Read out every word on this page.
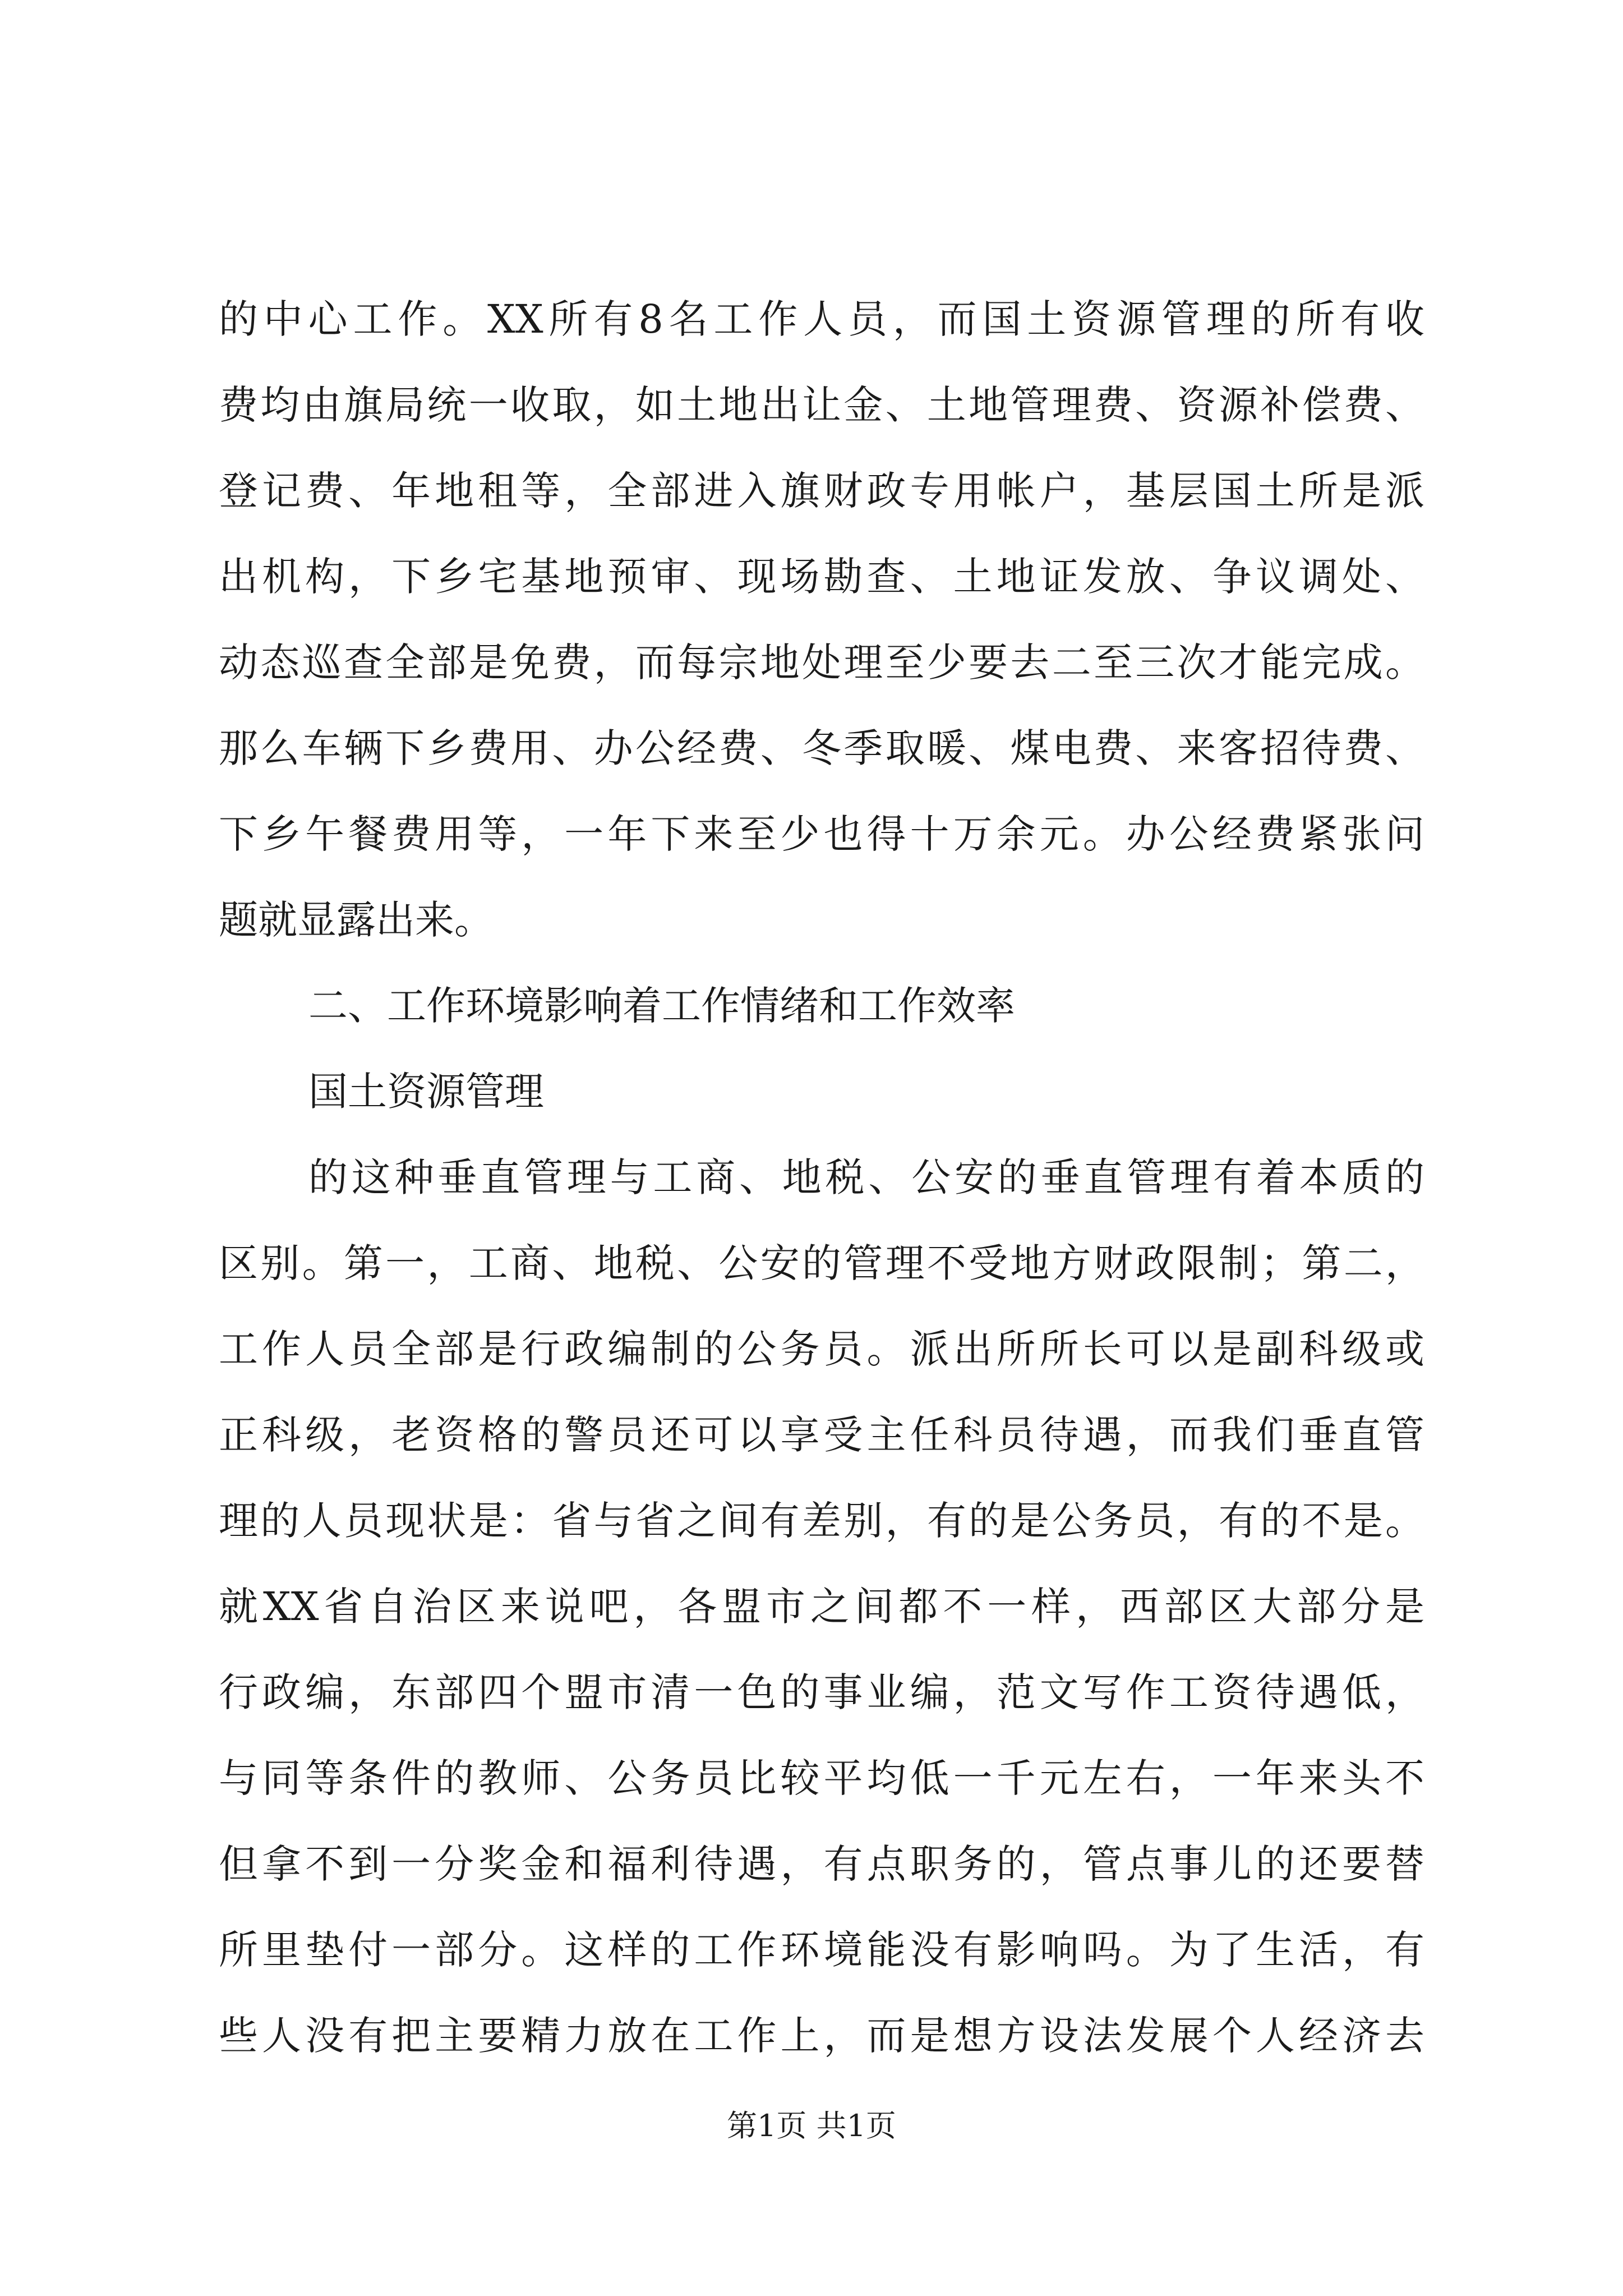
的中心工作。XX所有8名工作人员，而国土资源管理的所有收
费均由旗局统一收取，如土地出让金、土地管理费、资源补偿费、
登记费、年地租等，全部进入旗财政专用帐户，基层国土所是派
出机构，下乡宅基地预审、现场勘查、土地证发放、争议调处、
动态巡查全部是免费，而每宗地处理至少要去二至三次才能完成。
那么车辆下乡费用、办公经费、冬季取暖、煤电费、来客招待费、
下乡午餐费用等，一年下来至少也得十万余元。办公经费紧张问
题就显露出来。
二、工作环境影响着工作情绪和工作效率
国土资源管理
的这种垂直管理与工商、地税、公安的垂直管理有着本质的
区别。第一，工商、地税、公安的管理不受地方财政限制；第二，
工作人员全部是行政编制的公务员。派出所所长可以是副科级或
正科级，老资格的警员还可以享受主任科员待遇，而我们垂直管
理的人员现状是：省与省之间有差别，有的是公务员，有的不是。
就XX省自治区来说吧，各盟市之间都不一样，西部区大部分是
行政编，东部四个盟市清一色的事业编，范文写作工资待遇低，
与同等条件的教师、公务员比较平均低一千元左右，一年来头不
但拿不到一分奖金和福利待遇，有点职务的，管点事儿的还要替
所里垫付一部分。这样的工作环境能没有影响吗。为了生活，有
些人没有把主要精力放在工作上，而是想方设法发展个人经济去
第1页 共1页
